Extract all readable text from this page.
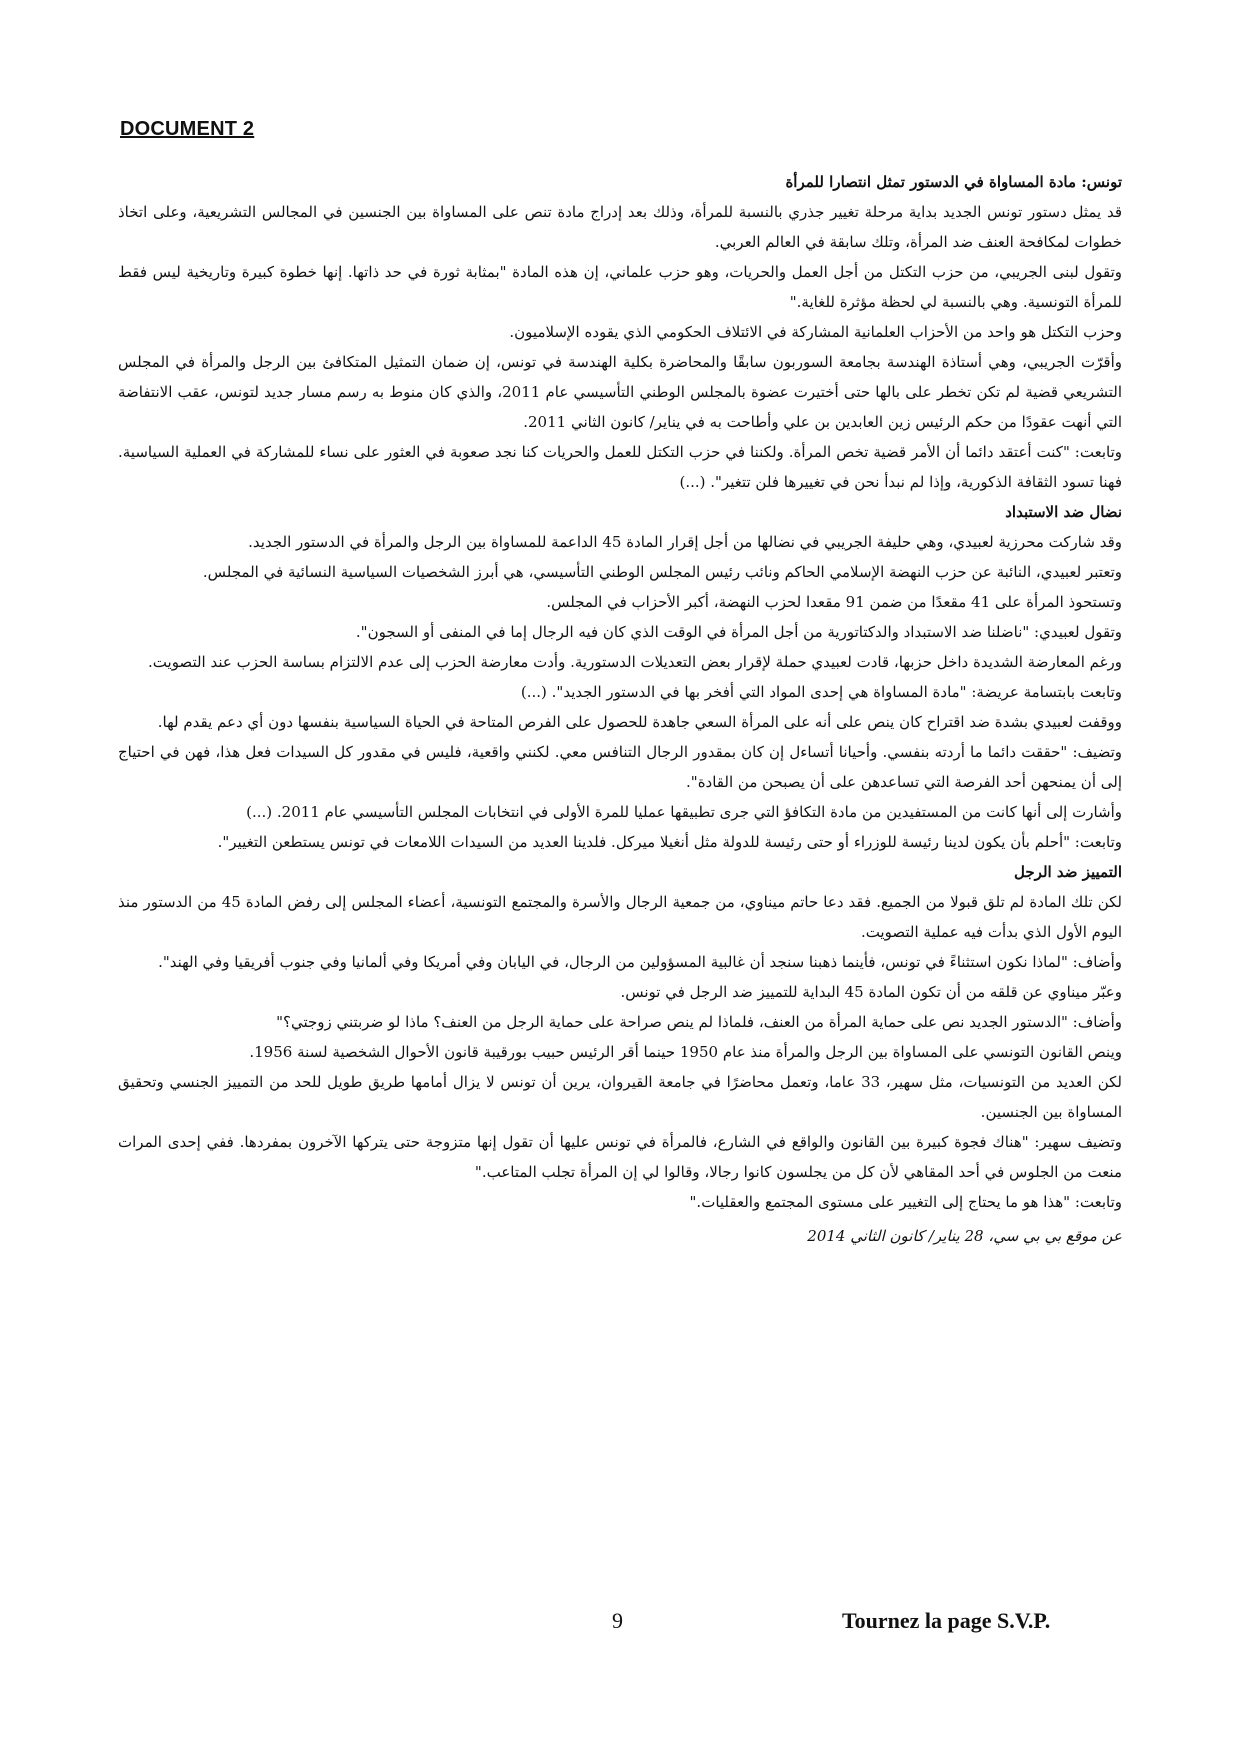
DOCUMENT 2

تونس: مادة المساواة في الدستور تمثل انتصارا للمرأة

قد يمثل دستور تونس الجديد بداية مرحلة تغيير جذري بالنسبة للمرأة، وذلك بعد إدراج مادة تنص على المساواة بين الجنسين في المجالس التشريعية، وعلى اتخاذ خطوات لمكافحة العنف ضد المرأة، وتلك سابقة في العالم العربي.

وتقول لبنى الجريبي، من حزب التكتل من أجل العمل والحريات، وهو حزب علماني، إن هذه المادة "بمثابة ثورة في حد ذاتها. إنها خطوة كبيرة وتاريخية ليس فقط للمرأة التونسية. وهي بالنسبة لي لحظة مؤثرة للغاية."

وحزب التكتل هو واحد من الأحزاب العلمانية المشاركة في الائتلاف الحكومي الذي يقوده الإسلاميون.

وأقرّت الجريبي، وهي أستاذة الهندسة بجامعة السوربون سابقًا والمحاضرة بكلية الهندسة في تونس، إن ضمان التمثيل المتكافئ بين الرجل والمرأة في المجلس التشريعي قضية لم تكن تخطر على بالها حتى أختيرت عضوة بالمجلس الوطني التأسيسي عام 2011، والذي كان منوط به رسم مسار جديد لتونس، عقب الانتفاضة التي أنهت عقودًا من حكم الرئيس زين العابدين بن علي وأطاحت به في يناير/ كانون الثاني 2011.

وتابعت: "كنت أعتقد دائما أن الأمر قضية تخص المرأة. ولكننا في حزب التكتل للعمل والحريات كنا نجد صعوبة في العثور على نساء للمشاركة في العملية السياسية. فهنا تسود الثقافة الذكورية، وإذا لم نبدأ نحن في تغييرها فلن تتغير". (...)

نضال ضد الاستبداد

وقد شاركت محرزية لعبيدي، وهي حليفة الجريبي في نضالها من أجل إقرار المادة 45 الداعمة للمساواة بين الرجل والمرأة في الدستور الجديد.

وتعتبر لعبيدي، النائبة عن حزب النهضة الإسلامي الحاكم ونائب رئيس المجلس الوطني التأسيسي، هي أبرز الشخصيات السياسية النسائية في المجلس.

وتستحوذ المرأة على 41 مقعدًا من ضمن 91 مقعدا لحزب النهضة، أكبر الأحزاب في المجلس.

وتقول لعبيدي: "ناضلنا ضد الاستبداد والدكتاتورية من أجل المرأة في الوقت الذي كان فيه الرجال إما في المنفى أو السجون".

ورغم المعارضة الشديدة داخل حزبها، قادت لعبيدي حملة لإقرار بعض التعديلات الدستورية. وأدت معارضة الحزب إلى عدم الالتزام بساسة الحزب عند التصويت.

وتابعت بابتسامة عريضة: "مادة المساواة هي إحدى المواد التي أفخر بها في الدستور الجديد". (...)

ووقفت لعبيدي بشدة ضد اقتراح كان ينص على أنه على المرأة السعي جاهدة للحصول على الفرص المتاحة في الحياة السياسية بنفسها دون أي دعم يقدم لها.

وتضيف: "حققت دائما ما أردته بنفسي. وأحيانا أتساءل إن كان بمقدور الرجال التنافس معي. لكنني واقعية، فليس في مقدور كل السيدات فعل هذا، فهن في احتياج إلى أن يمنحهن أحد الفرصة التي تساعدهن على أن يصبحن من القادة".

وأشارت إلى أنها كانت من المستفيدين من مادة التكافؤ التي جرى تطبيقها عمليا للمرة الأولى في انتخابات المجلس التأسيسي عام 2011. (...)

وتابعت: "أحلم بأن يكون لدينا رئيسة للوزراء أو حتى رئيسة للدولة مثل أنغيلا ميركل. فلدينا العديد من السيدات اللامعات في تونس يستطعن التغيير".

التمييز ضد الرجل

لكن تلك المادة لم تلق قبولا من الجميع. فقد دعا حاتم ميناوي، من جمعية الرجال والأسرة والمجتمع التونسية، أعضاء المجلس إلى رفض المادة 45 من الدستور منذ اليوم الأول الذي بدأت فيه عملية التصويت.

وأضاف: "لماذا نكون استثناءً في تونس، فأينما ذهبنا سنجد أن غالبية المسؤولين من الرجال، في اليابان وفي أمريكا وفي ألمانيا وفي جنوب أفريقيا وفي الهند".

وعبّر ميناوي عن قلقه من أن تكون المادة 45 البداية للتمييز ضد الرجل في تونس.

وأضاف: "الدستور الجديد نص على حماية المرأة من العنف، فلماذا لم ينص صراحة على حماية الرجل من العنف؟ ماذا لو ضربتني زوجتي؟"

وينص القانون التونسي على المساواة بين الرجل والمرأة منذ عام 1950 حينما أقر الرئيس حبيب بورقيبة قانون الأحوال الشخصية لسنة 1956.

لكن العديد من التونسيات، مثل سهير، 33 عاما، وتعمل محاضرًا في جامعة القيروان، يرين أن تونس لا يزال أمامها طريق طويل للحد من التمييز الجنسي وتحقيق المساواة بين الجنسين.

وتضيف سهير: "هناك فجوة كبيرة بين القانون والواقع في الشارع، فالمرأة في تونس عليها أن تقول إنها متزوجة حتى يتركها الآخرون بمفردها. ففي إحدى المرات منعت من الجلوس في أحد المقاهي لأن كل من يجلسون كانوا رجالا، وقالوا لي إن المرأة تجلب المتاعب."

وتابعت: "هذا هو ما يحتاج إلى التغيير على مستوى المجتمع والعقليات."

عن موقع بي بي سي، 28 يناير/ كانون الثاني 2014

9	Tournez la page S.V.P.
